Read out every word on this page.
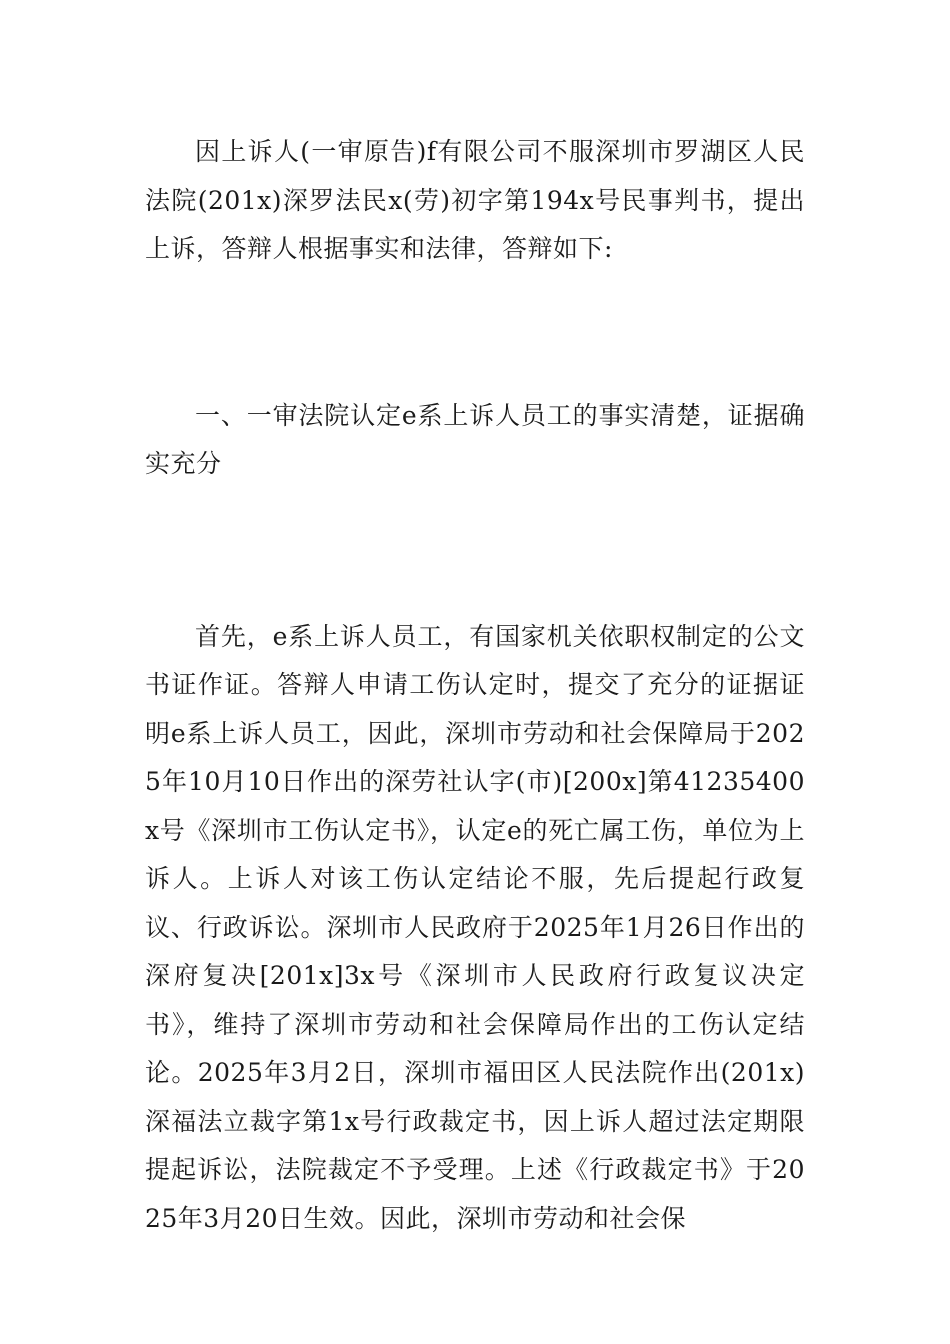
因上诉人(一审原告)f有限公司不服深圳市罗湖区人民法院(201x)深罗法民x(劳)初字第194x号民事判书，提出上诉，答辩人根据事实和法律，答辩如下:

一、一审法院认定e系上诉人员工的事实清楚，证据确实充分

首先，e系上诉人员工，有国家机关依职权制定的公文书证作证。答辩人申请工伤认定时，提交了充分的证据证明e系上诉人员工，因此，深圳市劳动和社会保障局于2025年10月10日作出的深劳社认字(市)[200x]第41235400x号《深圳市工伤认定书》，认定e的死亡属工伤，单位为上诉人。上诉人对该工伤认定结论不服，先后提起行政复议、行政诉讼。深圳市人民政府于2025年1月26日作出的深府复决[201x]3x号《深圳市人民政府行政复议决定书》，维持了深圳市劳动和社会保障局作出的工伤认定结论。2025年3月2日，深圳市福田区人民法院作出(201x)深福法立裁字第1x号行政裁定书，因上诉人超过法定期限提起诉讼，法院裁定不予受理。上述《行政裁定书》于2025年3月20日生效。因此，深圳市劳动和社会保
